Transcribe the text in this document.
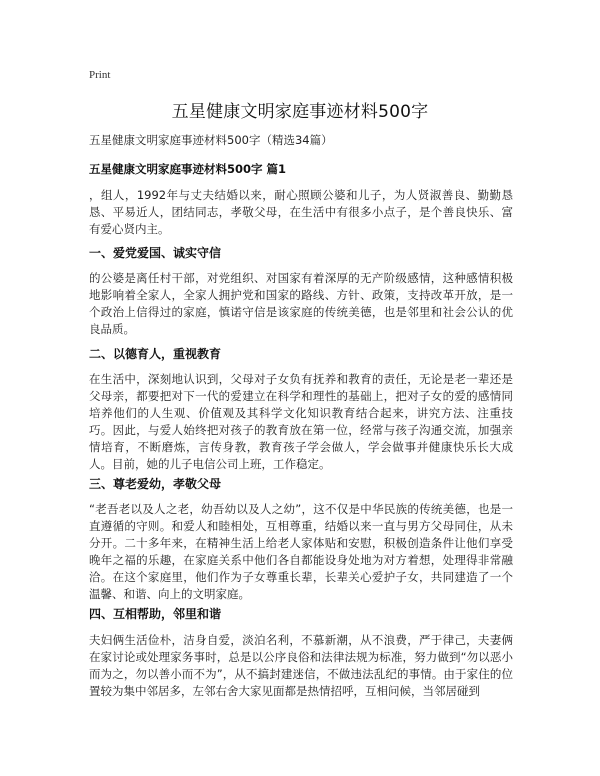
Print
五星健康文明家庭事迹材料500字
五星健康文明家庭事迹材料500字（精选34篇）
五星健康文明家庭事迹材料500字 篇1

，组人，1992年与丈夫结婚以来，耐心照顾公婆和儿子，为人贤淑善良、勤勤恳恳、平易近人，团结同志，孝敬父母，在生活中有很多小点子，是个善良快乐、富有爱心贤内主。

一、爱党爱国、诚实守信

的公婆是离任村干部，对党组织、对国家有着深厚的无产阶级感情，这种感情积极地影响着全家人，全家人拥护党和国家的路线、方针、政策，支持改革开放，是一个政治上信得过的家庭，慎诺守信是该家庭的传统美德，也是邻里和社会公认的优良品质。

二、以德育人，重视教育

在生活中，深刻地认识到，父母对子女负有抚养和教育的责任，无论是老一辈还是父母亲，都要把对下一代的爱建立在科学和理性的基础上，把对子女的爱的感情同培养他们的人生观、价值观及其科学文化知识教育结合起来，讲究方法、注重技巧。因此，与爱人始终把对孩子的教育放在第一位，经常与孩子沟通交流，加强亲情培育，不断磨炼，言传身教，教育孩子学会做人，学会做事并健康快乐长大成人。目前，她的儿子电信公司上班，工作稳定。

三、尊老爱幼，孝敬父母

“老吾老以及人之老，幼吾幼以及人之幼”，这不仅是中华民族的传统美德，也是一直遵循的守则。和爱人和睦相处，互相尊重，结婚以来一直与男方父母同住，从未分开。二十多年来，在精神生活上给老人家体贴和安慰，积极创造条件让他们享受晚年之福的乐趣，在家庭关系中他们各自都能设身处地为对方着想，处理得非常融洽。在这个家庭里，他们作为子女尊重长辈，长辈关心爱护子女，共同建造了一个温馨、和谐、向上的文明家庭。

四、互相帮助，邻里和谐

夫妇俩生活俭朴，洁身自爱，淡泊名利，不慕新潮，从不浪费，严于律己，夫妻俩在家讨论或处理家务事时，总是以公序良俗和法律法规为标准，努力做到“勿以恶小而为之，勿以善小而不为”，从不搞封建迷信，不做违法乱纪的事情。由于家住的位置较为集中邻居多，左邻右舍大家见面都是热情招呼，互相问候，当邻居碰到
